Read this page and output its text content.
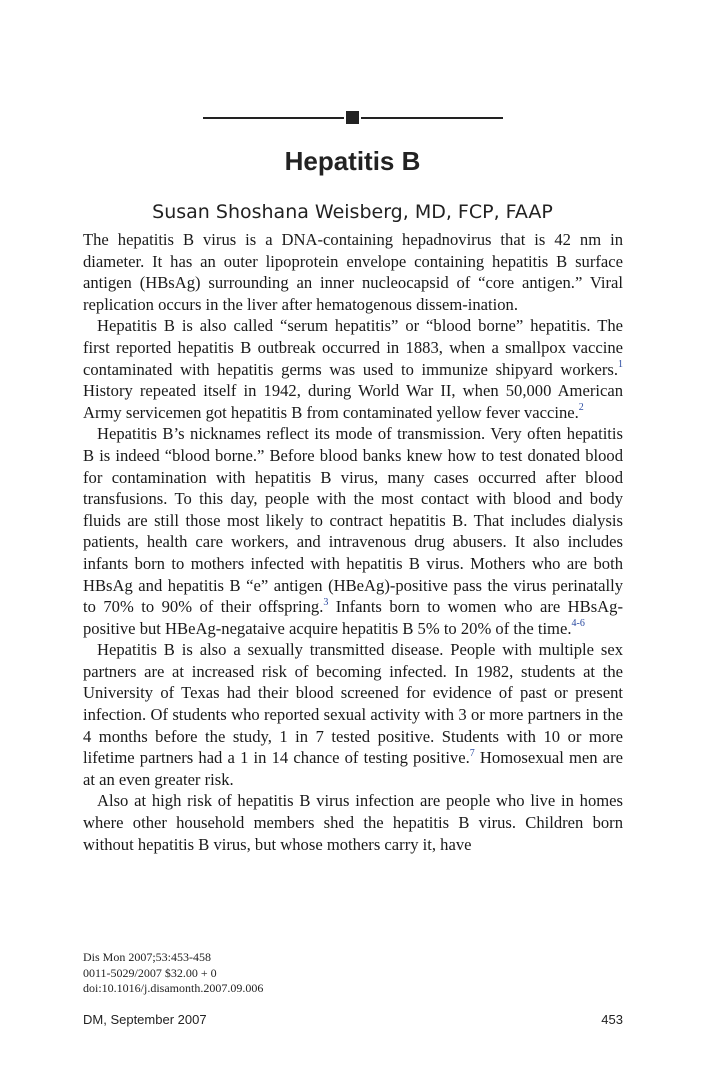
Hepatitis B
Susan Shoshana Weisberg, MD, FCP, FAAP

The hepatitis B virus is a DNA-containing hepadnovirus that is 42 nm in diameter. It has an outer lipoprotein envelope containing hepatitis B surface antigen (HBsAg) surrounding an inner nucleocapsid of “core antigen.” Viral replication occurs in the liver after hematogenous dissem-ination.

Hepatitis B is also called “serum hepatitis” or “blood borne” hepatitis. The first reported hepatitis B outbreak occurred in 1883, when a smallpox vaccine contaminated with hepatitis germs was used to immunize shipyard workers.$^1$ History repeated itself in 1942, during World War II, when 50,000 American Army servicemen got hepatitis B from contaminated yellow fever vaccine.$^2$

Hepatitis B’s nicknames reflect its mode of transmission. Very often hepatitis B is indeed “blood borne.” Before blood banks knew how to test donated blood for contamination with hepatitis B virus, many cases occurred after blood transfusions. To this day, people with the most contact with blood and body fluids are still those most likely to contract hepatitis B. That includes dialysis patients, health care workers, and intravenous drug abusers. It also includes infants born to mothers infected with hepatitis B virus. Mothers who are both HBsAg and hepatitis B “e” antigen (HBeAg)-positive pass the virus perinatally to 70% to 90% of their offspring.$^3$ Infants born to women who are HBsAg-positive but HBeAg-negataive acquire hepatitis B 5% to 20% of the time.$^{4-6}$

Hepatitis B is also a sexually transmitted disease. People with multiple sex partners are at increased risk of becoming infected. In 1982, students at the University of Texas had their blood screened for evidence of past or present infection. Of students who reported sexual activity with 3 or more partners in the 4 months before the study, 1 in 7 tested positive. Students with 10 or more lifetime partners had a 1 in 14 chance of testing positive.$^7$ Homosexual men are at an even greater risk.

Also at high risk of hepatitis B virus infection are people who live in homes where other household members shed the hepatitis B virus. Children born without hepatitis B virus, but whose mothers carry it, have

Dis Mon 2007;53:453-458
0011-5029/2007 $32.00 + 0
doi:10.1016/j.disamonth.2007.09.006
DM, September 2007	453
